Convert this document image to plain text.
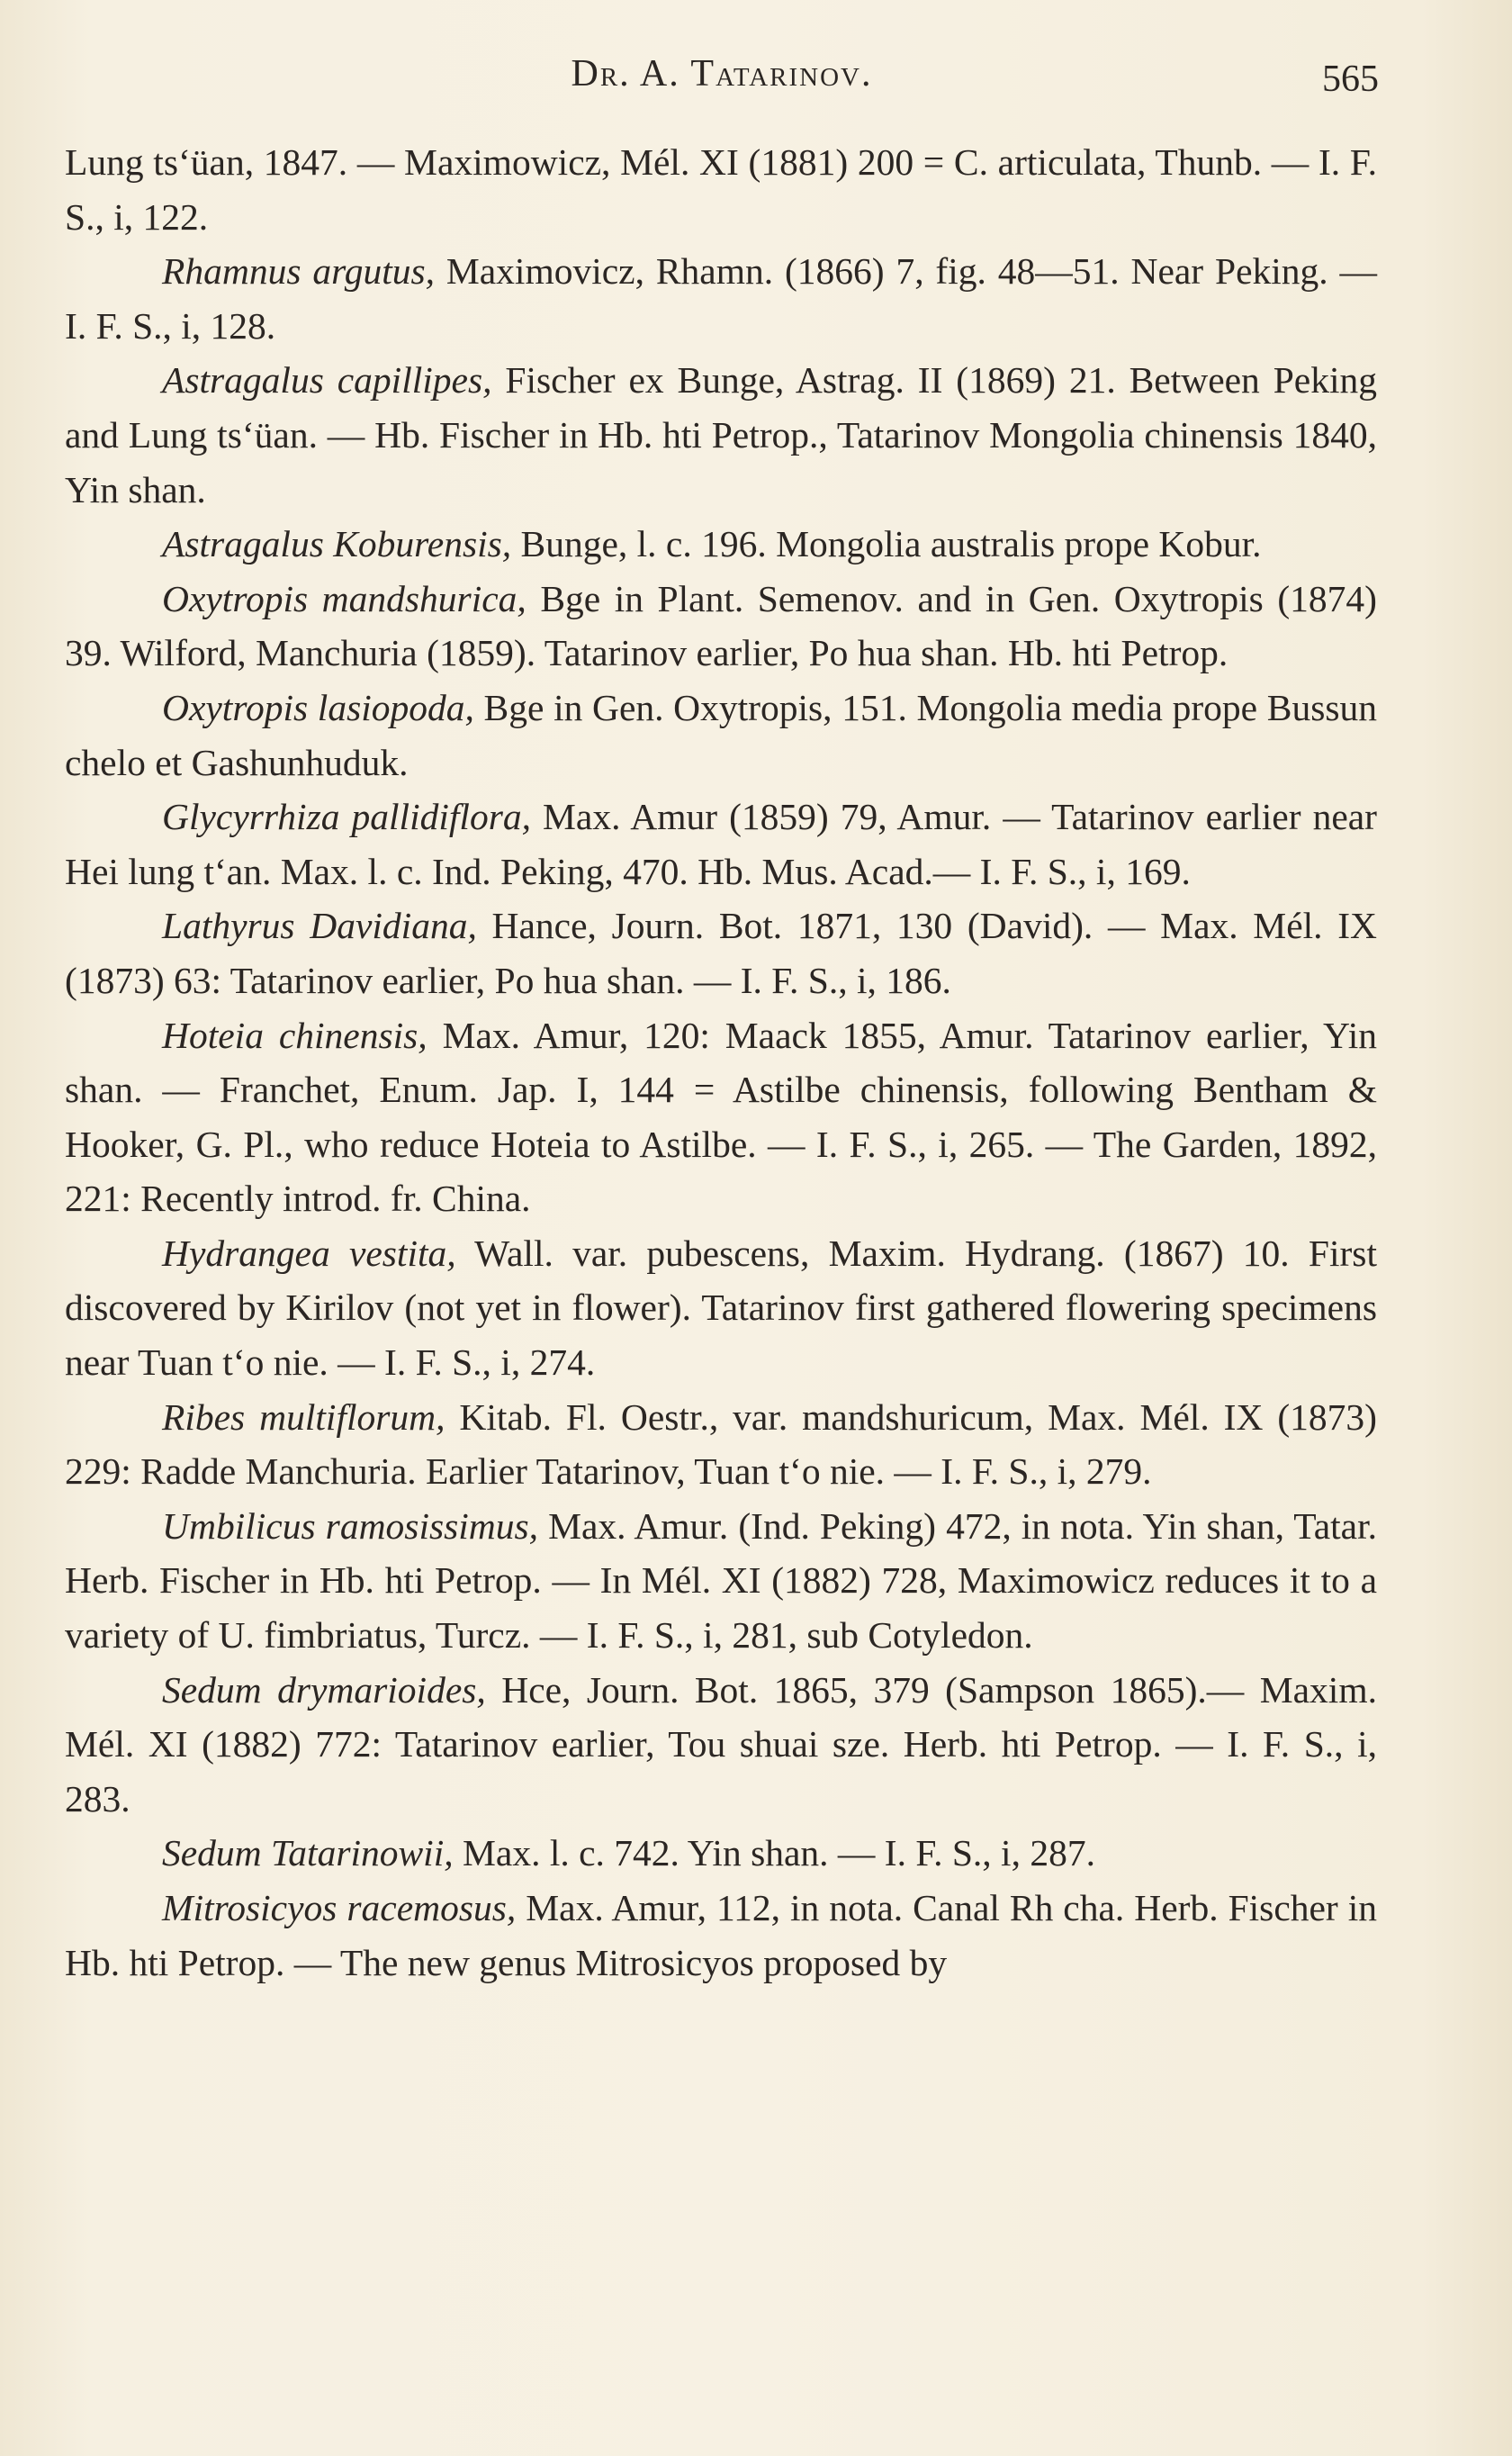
Dr. A. Tatarinov.	565

Lung tsʻüan, 1847. — Maximowicz, Mél. XI (1881) 200 = C. articulata, Thunb. — I. F. S., i, 122.

Rhamnus argutus, Maximovicz, Rhamn. (1866) 7, fig. 48—51. Near Peking. — I. F. S., i, 128.

Astragalus capillipes, Fischer ex Bunge, Astrag. II (1869) 21. Between Peking and Lung tsʻüan. — Hb. Fischer in Hb. hti Petrop., Tatarinov Mongolia chinensis 1840, Yin shan.

Astragalus Koburensis, Bunge, l. c. 196. Mongolia australis prope Kobur.

Oxytropis mandshurica, Bge in Plant. Semenov. and in Gen. Oxytropis (1874) 39. Wilford, Manchuria (1859). Tatarinov earlier, Po hua shan. Hb. hti Petrop.

Oxytropis lasiopoda, Bge in Gen. Oxytropis, 151. Mongolia media prope Bussun chelo et Gashunhuduk.

Glycyrrhiza pallidiflora, Max. Amur (1859) 79, Amur. — Tatarinov earlier near Hei lung tʻan. Max. l. c. Ind. Peking, 470. Hb. Mus. Acad.— I. F. S., i, 169.

Lathyrus Davidiana, Hance, Journ. Bot. 1871, 130 (David). — Max. Mél. IX (1873) 63: Tatarinov earlier, Po hua shan. — I. F. S., i, 186.

Hoteia chinensis, Max. Amur, 120: Maack 1855, Amur. Tatarinov earlier, Yin shan. — Franchet, Enum. Jap. I, 144 = Astilbe chinensis, following Bentham & Hooker, G. Pl., who reduce Hoteia to Astilbe. — I. F. S., i, 265. — The Garden, 1892, 221: Recently introd. fr. China.

Hydrangea vestita, Wall. var. pubescens, Maxim. Hydrang. (1867) 10. First discovered by Kirilov (not yet in flower). Tatarinov first gathered flowering specimens near Tuan tʻo nie. — I. F. S., i, 274.

Ribes multiflorum, Kitab. Fl. Oestr., var. mandshuricum, Max. Mél. IX (1873) 229: Radde Manchuria. Earlier Tatarinov, Tuan tʻo nie. — I. F. S., i, 279.

Umbilicus ramosissimus, Max. Amur. (Ind. Peking) 472, in nota. Yin shan, Tatar. Herb. Fischer in Hb. hti Petrop. — In Mél. XI (1882) 728, Maximowicz reduces it to a variety of U. fimbriatus, Turcz. — I. F. S., i, 281, sub Cotyledon.

Sedum drymarioides, Hce, Journ. Bot. 1865, 379 (Sampson 1865).— Maxim. Mél. XI (1882) 772: Tatarinov earlier, Tou shuai sze. Herb. hti Petrop. — I. F. S., i, 283.

Sedum Tatarinowii, Max. l. c. 742. Yin shan. — I. F. S., i, 287.

Mitrosicyos racemosus, Max. Amur, 112, in nota. Canal Rh cha. Herb. Fischer in Hb. hti Petrop. — The new genus Mitrosicyos proposed by
